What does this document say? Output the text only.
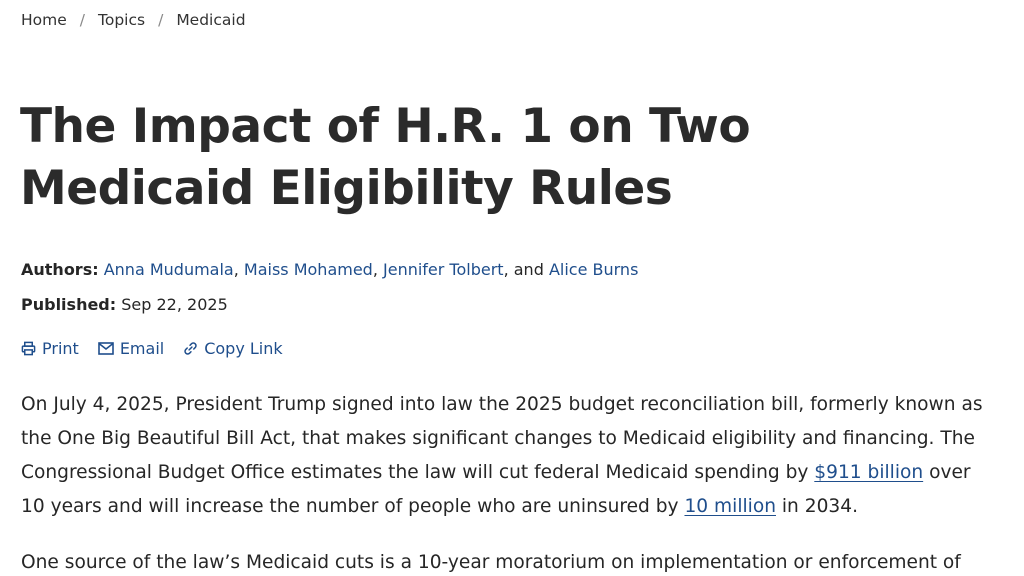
Home / Topics / Medicaid
The Impact of H.R. 1 on Two Medicaid Eligibility Rules
Authors: Anna Mudumala, Maiss Mohamed, Jennifer Tolbert, and Alice Burns
Published: Sep 22, 2025
Print	Email	Copy Link

On July 4, 2025, President Trump signed into law the 2025 budget reconciliation bill, formerly known as the One Big Beautiful Bill Act, that makes significant changes to Medicaid eligibility and financing. The Congressional Budget Office estimates the law will cut federal Medicaid spending by $911 billion over 10 years and will increase the number of people who are uninsured by 10 million in 2034.

One source of the law’s Medicaid cuts is a 10-year moratorium on implementation or enforcement of
